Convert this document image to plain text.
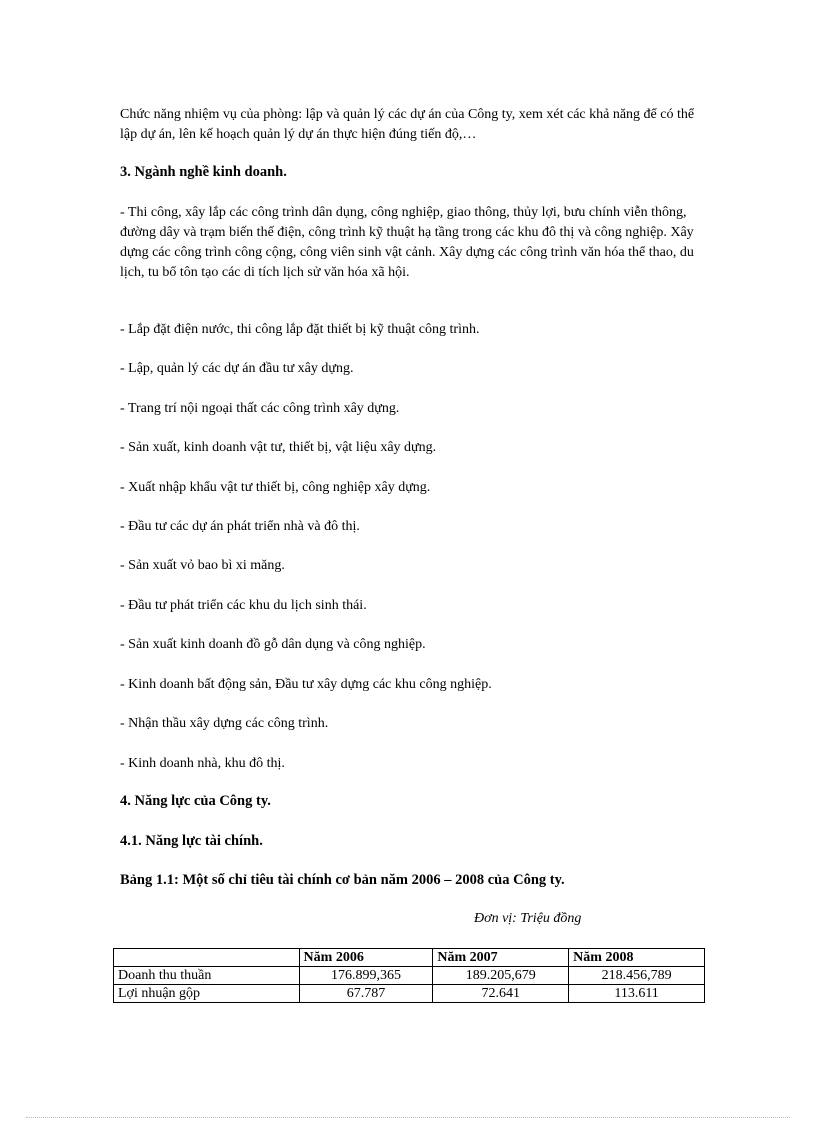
Chức năng nhiệm vụ của phòng: lập và quản lý các dự án của Công ty, xem xét các khả năng để có thể lập dự án, lên kế hoạch quản lý dự án thực hiện đúng tiến độ,…

3. Ngành nghề kinh doanh.

- Thi công, xây lắp các công trình dân dụng, công nghiệp, giao thông, thủy lợi, bưu chính viễn thông, đường dây và trạm biến thế điện, công trình kỹ thuật hạ tầng trong các khu đô thị và công nghiệp. Xây dựng các công trình công cộng, công viên sinh vật cảnh. Xây dựng các công trình văn hóa thể thao, du lịch, tu bổ tôn tạo các di tích lịch sử văn hóa xã hội.

- Lắp đặt điện nước, thi công lắp đặt thiết bị kỹ thuật công trình.

- Lập, quản lý các dự án đầu tư xây dựng.

- Trang trí nội ngoại thất các công trình xây dựng.

- Sản xuất, kinh doanh vật tư, thiết bị, vật liệu xây dựng.

- Xuất nhập khẩu vật tư thiết bị, công nghiệp xây dựng.

- Đầu tư các dự án phát triển nhà và đô thị.

- Sản xuất vỏ bao bì xi măng.

- Đầu tư phát triển các khu du lịch sinh thái.

- Sản xuất kinh doanh đồ gỗ dân dụng và công nghiệp.

- Kinh doanh bất động sản, Đầu tư xây dựng các khu công nghiệp.

- Nhận thầu xây dựng các công trình.

- Kinh doanh nhà, khu đô thị.

4. Năng lực của Công ty.

4.1. Năng lực tài chính.

Bảng 1.1: Một số chỉ tiêu tài chính cơ bản năm 2006 – 2008 của Công ty.

Đơn vị: Triệu đồng
	Năm 2006	Năm 2007	Năm 2008
Doanh thu thuần	176.899,365	189.205,679	218.456,789
Lợi nhuận gộp	67.787	72.641	113.611
